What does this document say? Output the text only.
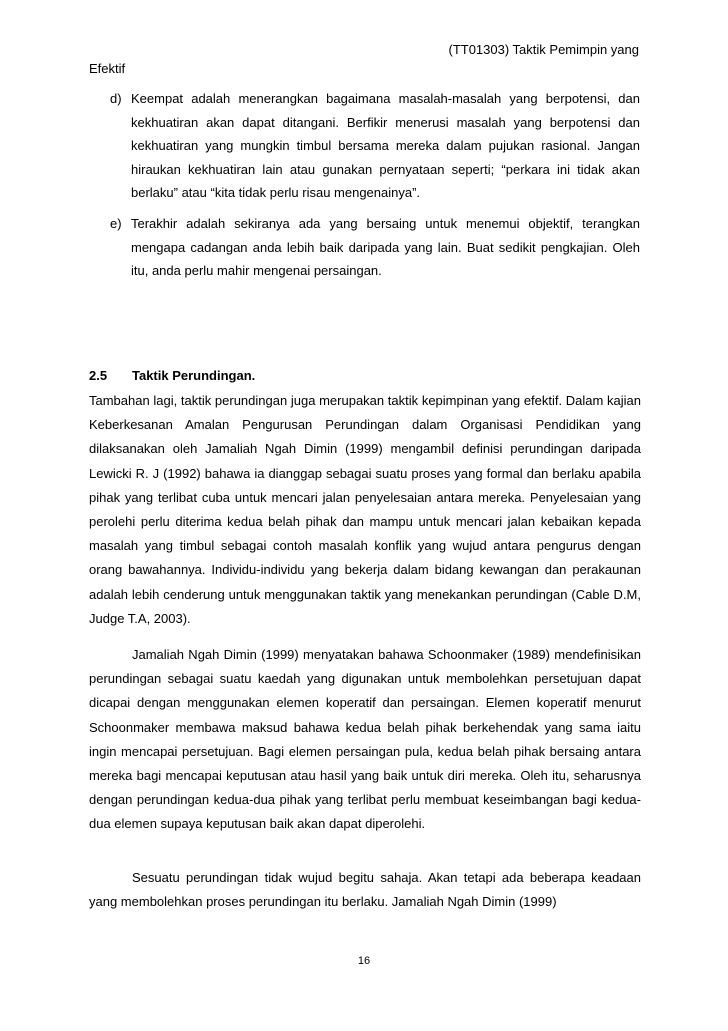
(TT01303) Taktik Pemimpin yang
Efektif
d) Keempat adalah menerangkan bagaimana masalah-masalah yang berpotensi, dan kekhuatiran akan dapat ditangani. Berfikir menerusi masalah yang berpotensi dan kekhuatiran yang mungkin timbul bersama mereka dalam pujukan rasional. Jangan hiraukan kekhuatiran lain atau gunakan pernyataan seperti; “perkara ini tidak akan berlaku” atau “kita tidak perlu risau mengenainya”.
e) Terakhir adalah sekiranya ada yang bersaing untuk menemui objektif, terangkan mengapa cadangan anda lebih baik daripada yang lain. Buat sedikit pengkajian. Oleh itu, anda perlu mahir mengenai persaingan.
2.5 Taktik Perundingan.
Tambahan lagi, taktik perundingan juga merupakan taktik kepimpinan yang efektif. Dalam kajian Keberkesanan Amalan Pengurusan Perundingan dalam Organisasi Pendidikan yang dilaksanakan oleh Jamaliah Ngah Dimin (1999) mengambil definisi perundingan daripada Lewicki R. J (1992) bahawa ia dianggap sebagai suatu proses yang formal dan berlaku apabila pihak yang terlibat cuba untuk mencari jalan penyelesaian antara mereka. Penyelesaian yang perolehi perlu diterima kedua belah pihak dan mampu untuk mencari jalan kebaikan kepada masalah yang timbul sebagai contoh masalah konflik yang wujud antara pengurus dengan orang bawahannya. Individu-individu yang bekerja dalam bidang kewangan dan perakaunan adalah lebih cenderung untuk menggunakan taktik yang menekankan perundingan (Cable D.M, Judge T.A, 2003).
Jamaliah Ngah Dimin (1999) menyatakan bahawa Schoonmaker (1989) mendefinisikan perundingan sebagai suatu kaedah yang digunakan untuk membolehkan persetujuan dapat dicapai dengan menggunakan elemen koperatif dan persaingan. Elemen koperatif menurut Schoonmaker membawa maksud bahawa kedua belah pihak berkehendak yang sama iaitu ingin mencapai persetujuan. Bagi elemen persaingan pula, kedua belah pihak bersaing antara mereka bagi mencapai keputusan atau hasil yang baik untuk diri mereka. Oleh itu, seharusnya dengan perundingan kedua-dua pihak yang terlibat perlu membuat keseimbangan bagi kedua-dua elemen supaya keputusan baik akan dapat diperolehi.
Sesuatu perundingan tidak wujud begitu sahaja. Akan tetapi ada beberapa keadaan yang membolehkan proses perundingan itu berlaku. Jamaliah Ngah Dimin (1999)
16
